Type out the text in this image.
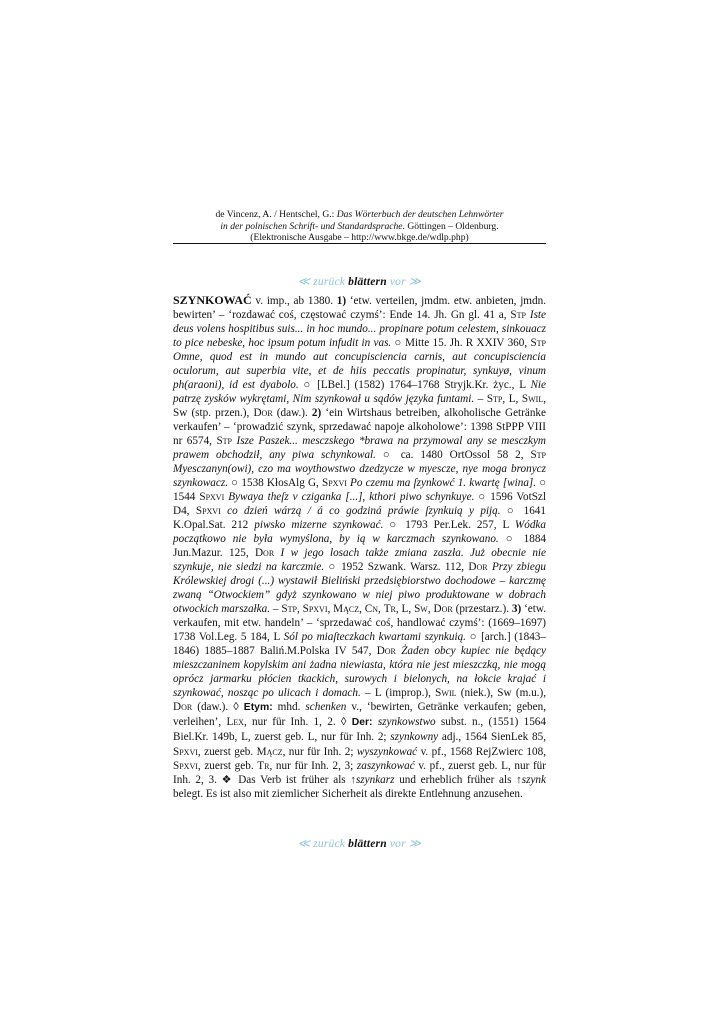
de Vincenz, A. / Hentschel, G.: Das Wörterbuch der deutschen Lehnwörter
in der polnischen Schrift- und Standardsprache. Göttingen – Oldenburg.
(Elektronische Ausgabe – http://www.bkge.de/wdlp.php)
≪ zurück blättern vor ≫
SZYNKOWAĆ v. imp., ab 1380. 1) ‘etw. verteilen, jmdm. etw. anbieten, jmdn. bewirten’ – ‘rozdawać coś, częstować czymś’: Ende 14. Jh. Gn gl. 41 a, Stp Iste deus volens hospitibus suis... in hoc mundo... propinare potum celestem, sinkouacz to pice nebeske, hoc ipsum potum infudit in vas. ○ Mitte 15. Jh. R XXIV 360, Stp Omne, quod est in mundo aut concupiscienciа carnis, aut concupiscienciа oculorum, aut superbia vite, et de hiis peccatis propinatur, synkuyø, vinum ph(araoni), id est dyabolo. ○ [LBel.] (1582) 1764–1768 Stryjk.Kr. życ., L Nie patrzę zysków wykrętami, Nim szynkował u sądów języka funtami. – Stp, L, Swil, Sw (stp. przen.), Dor (daw.). 2) ‘ein Wirtshaus betreiben, alkoholische Getränke verkaufen’ – ‘prowadzić szynk, sprzedawać napoje alkoholowe’: 1398 StPPP VIII nr 6574, Stp Isze Paszek... mesczskego *brawa na przymowal any se mesczkym prawem obchodził, any piwa schynkowal. ○ ca. 1480 OrtOssol 58 2, Stp Myesczanyn(owi), czo ma woythowstwo dzedzycze w myescze, nye moga bronycz szynkowacz. ○ 1538 KłosAlg G, Spxvi Po czemu ma ſzynkowć 1. kwartę [wina]. ○ 1544 Spxvi Bywaya theſz v cziganka [...], kthori piwo schynkuye. ○ 1596 VotSzl D4, Spxvi co dzień wárzą / á co godziná práwie ſzynkuią y piją. ○ 1641 K.Opal.Sat. 212 piwsko mizerne szynkować. ○ 1793 Per.Lek. 257, L Wódka początkowo nie była wymyślona, by ią w karczmach szynkowano. ○ 1884 Jun.Mazur. 125, Dor I w jego losach także zmiana zaszła. Już obecnie nie szynkuje, nie siedzi na karczmie. ○ 1952 Szwank. Warsz. 112, Dor Przy zbiegu Królewskiej drogi (...) wystawił Bieliński przedsiębiorstwo dochodowe – karczmę zwaną “Otwockiem” gdyż szynkowano w niej piwo produktowane w dobrach otwockich marszałka. – Stp, Spxvi, Mącz, Cn, Tr, L, Sw, Dor (przestarz.). 3) ‘etw. verkaufen, mit etw. handeln’ – ‘sprzedawać coś, handlować czymś’: (1669–1697) 1738 Vol.Leg. 5 184, L Sól po miaſteczkach kwartami szynkuią. ○ [arch.] (1843–1846) 1885–1887 Balіń.M.Polska IV 547, Dor Żaden obcy kupiec nie będący mieszczaninem kopylskim ani żadna niewiasta, która nie jest mieszczką, nie mogą oprócz jarmarku płócien tkackich, surowych i bielonych, na łokcie krajać i szynkować, nosząc po ulicach i domach. – L (improp.), Swil (niek.), Sw (m.u.), Dor (daw.). ◊ Etym: mhd. schenken v., ‘bewirten, Getränke verkaufen; geben, verleihen’, Lex, nur für Inh. 1, 2. ◊ Der: szynkowstwo subst. n., (1551) 1564 Biel.Kr. 149b, L, zuerst geb. L, nur für Inh. 2; szynkowny adj., 1564 SienLek 85, Spxvi, zuerst geb. Mącz, nur für Inh. 2; wyszynkować v. pf., 1568 RejZwierc 108, Spxvi, zuerst geb. Tr, nur für Inh. 2, 3; zaszynkować v. pf., zuerst geb. L, nur für Inh. 2, 3. ❖ Das Verb ist früher als ↑szynkarz und erheblich früher als ↑szynk belegt. Es ist also mit ziemlicher Sicherheit als direkte Entlehnung anzusehen.
≪ zurück blättern vor ≫
